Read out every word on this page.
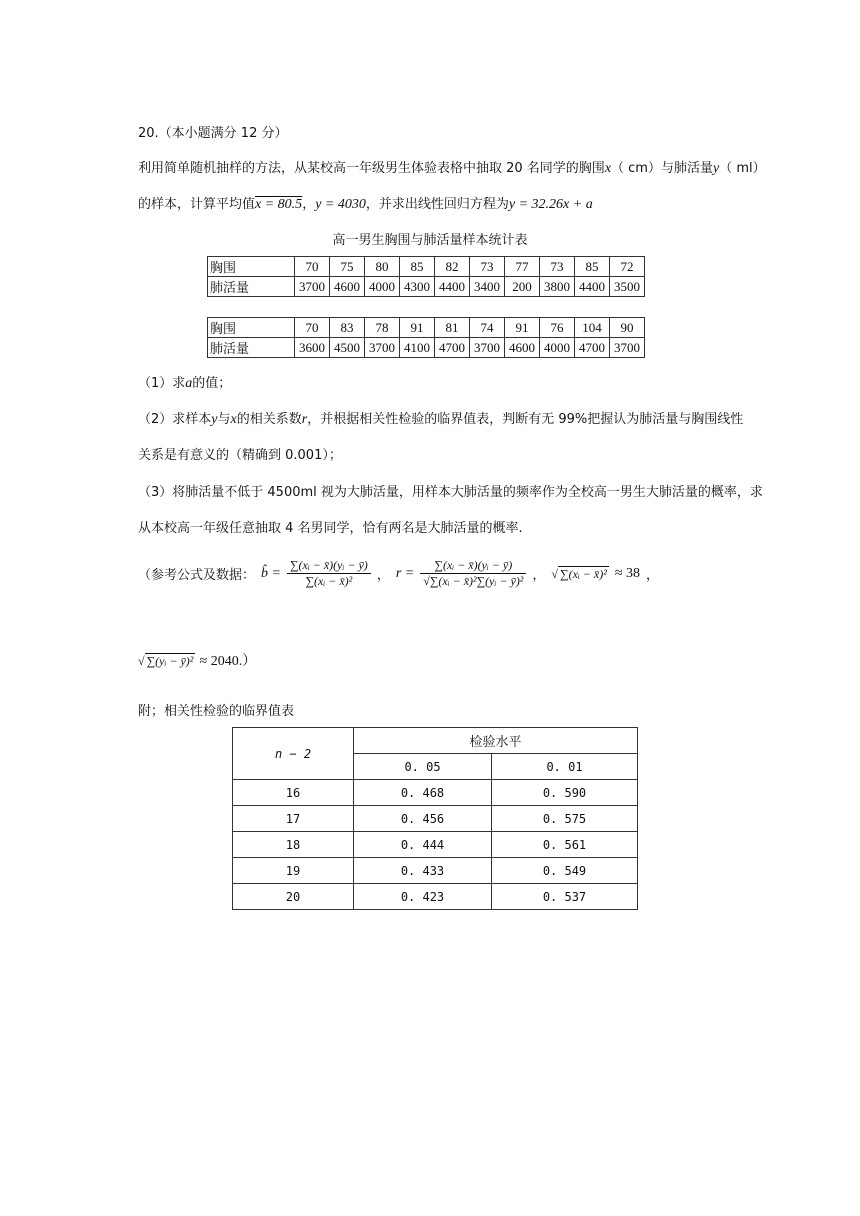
20.（本小题满分 12 分）
利用简单随机抽样的方法，从某校高一年级男生体验表格中抽取 20 名同学的胸围x（ cm）与肺活量y（ ml）
的样本，计算平均值x = 80.5，y = 4030，并求出线性回归方程为y = 32.26x + a
高一男生胸围与肺活量样本统计表
胸围	70	75	80	85	82	73	77	73	85	72
肺活量	3700	4600	4000	4300	4400	3400	200	3800	4400	3500
胸围	70	83	78	91	81	74	91	76	104	90
肺活量	3600	4500	3700	4100	4700	3700	4600	4000	4700	3700
（1）求a的值；
（2）求样本y与x的相关系数r，并根据相关性检验的临界值表，判断有无 99%把握认为肺活量与胸围线性
关系是有意义的（精确到 0.001）；
（3）将肺活量不低于 4500ml 视为大肺活量，用样本大肺活量的频率作为全校高一男生大肺活量的概率，求
从本校高一年级任意抽取 4 名男同学，恰有两名是大肺活量的概率.
（参考公式及数据： b̂ = $\frac{\text{∑(xᵢ − x̄)(yᵢ − ȳ)}}{\text{∑(xᵢ − x̄)²}}$ ， $r = \frac{\text{∑(xᵢ − x̄)(yᵢ − ȳ)}}{\text{√∑(xᵢ − x̄)²∑(yᵢ − ȳ)²}}$ ， √ ∑(xᵢ − x̄)² ≈ 38 ，
√ ∑(yᵢ − ȳ)² ≈ 2040.）
附；相关性检验的临界值表
n − 2	检验水平	
	0. 05	0. 01
16	0. 468	0. 590
17	0. 456	0. 575
18	0. 444	0. 561
19	0. 433	0. 549
20	0. 423	0. 537
